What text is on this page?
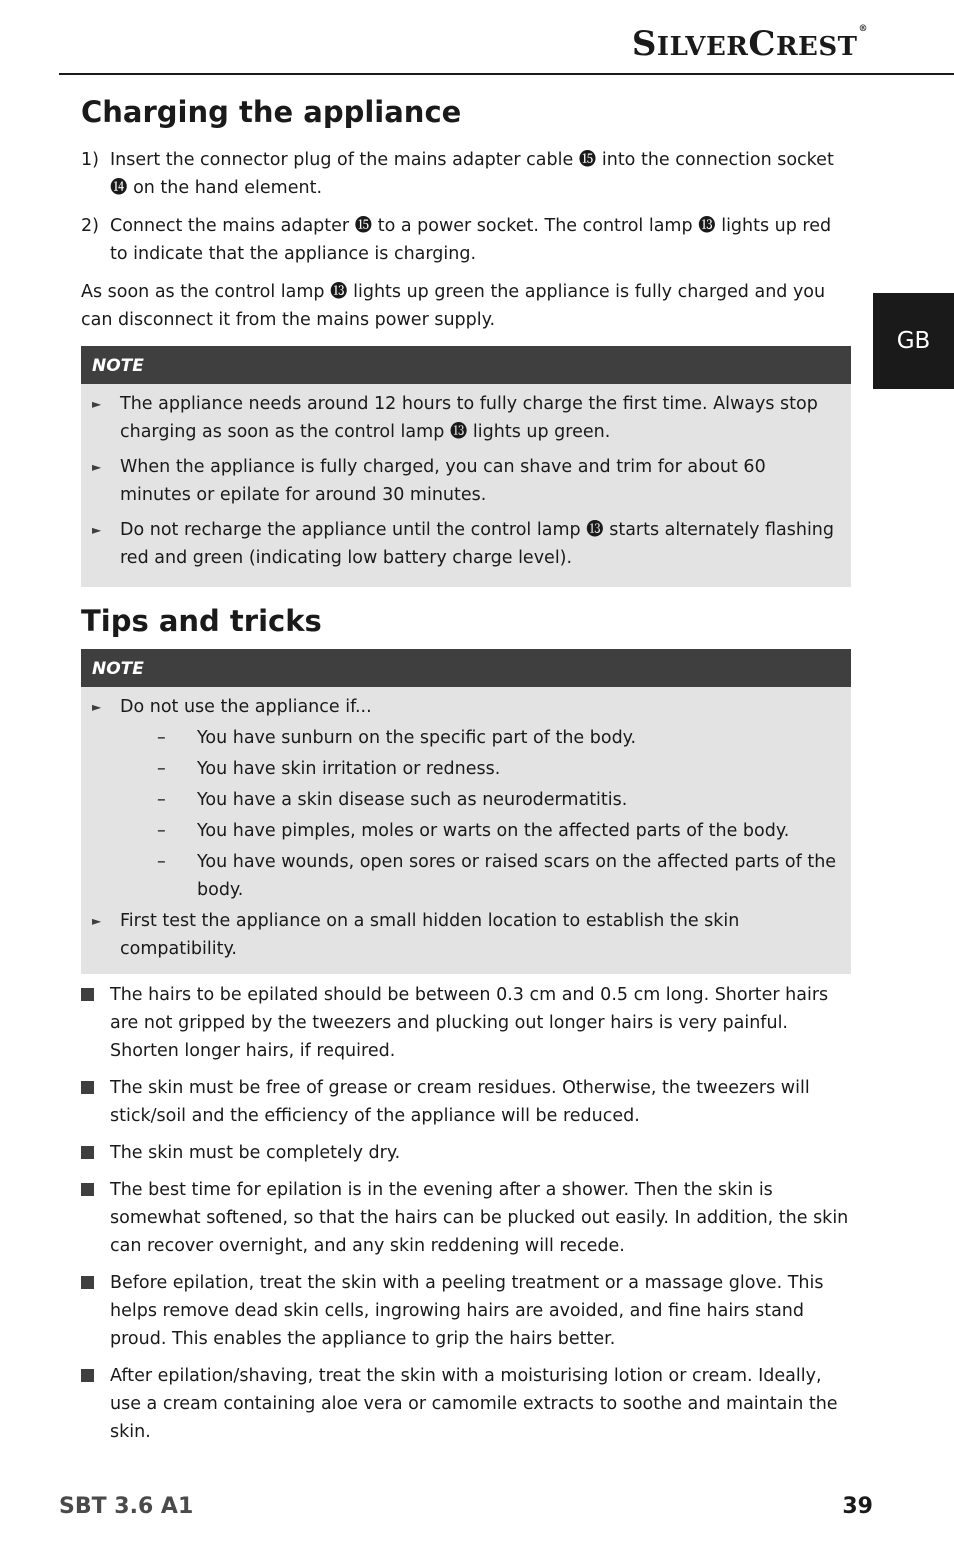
SILVERCREST®
GB
Charging the appliance
1) Insert the connector plug of the mains adapter cable ⓯ into the connection socket ⓮ on the hand element.
2) Connect the mains adapter ⓯ to a power socket. The control lamp ⓭ lights up red to indicate that the appliance is charging.

As soon as the control lamp ⓭ lights up green the appliance is fully charged and you can disconnect it from the mains power supply.

NOTE
►	The appliance needs around 12 hours to fully charge the first time. Always stop charging as soon as the control lamp ⓭ lights up green.
►	When the appliance is fully charged, you can shave and trim for about 60 minutes or epilate for around 30 minutes.
►	Do not recharge the appliance until the control lamp ⓭ starts alternately flashing red and green (indicating low battery charge level).
Tips and tricks
NOTE
►	Do not use the appliance if...
–	You have sunburn on the specific part of the body.
–	You have skin irritation or redness.
–	You have a skin disease such as neurodermatitis.
–	You have pimples, moles or warts on the affected parts of the body.
–	You have wounds, open sores or raised scars on the affected parts of the body.
►	First test the appliance on a small hidden location to establish the skin compatibility.
The hairs to be epilated should be between 0.3 cm and 0.5 cm long. Shorter hairs are not gripped by the tweezers and plucking out longer hairs is very painful. Shorten longer hairs, if required.
The skin must be free of grease or cream residues. Otherwise, the tweezers will stick/soil and the efficiency of the appliance will be reduced.
The skin must be completely dry.
The best time for epilation is in the evening after a shower. Then the skin is somewhat softened, so that the hairs can be plucked out easily. In addition, the skin can recover overnight, and any skin reddening will recede.
Before epilation, treat the skin with a peeling treatment or a massage glove. This helps remove dead skin cells, ingrowing hairs are avoided, and fine hairs stand proud. This enables the appliance to grip the hairs better.
After epilation/shaving, treat the skin with a moisturising lotion or cream. Ideally, use a cream containing aloe vera or camomile extracts to soothe and maintain the skin.
SBT 3.6 A1	39
